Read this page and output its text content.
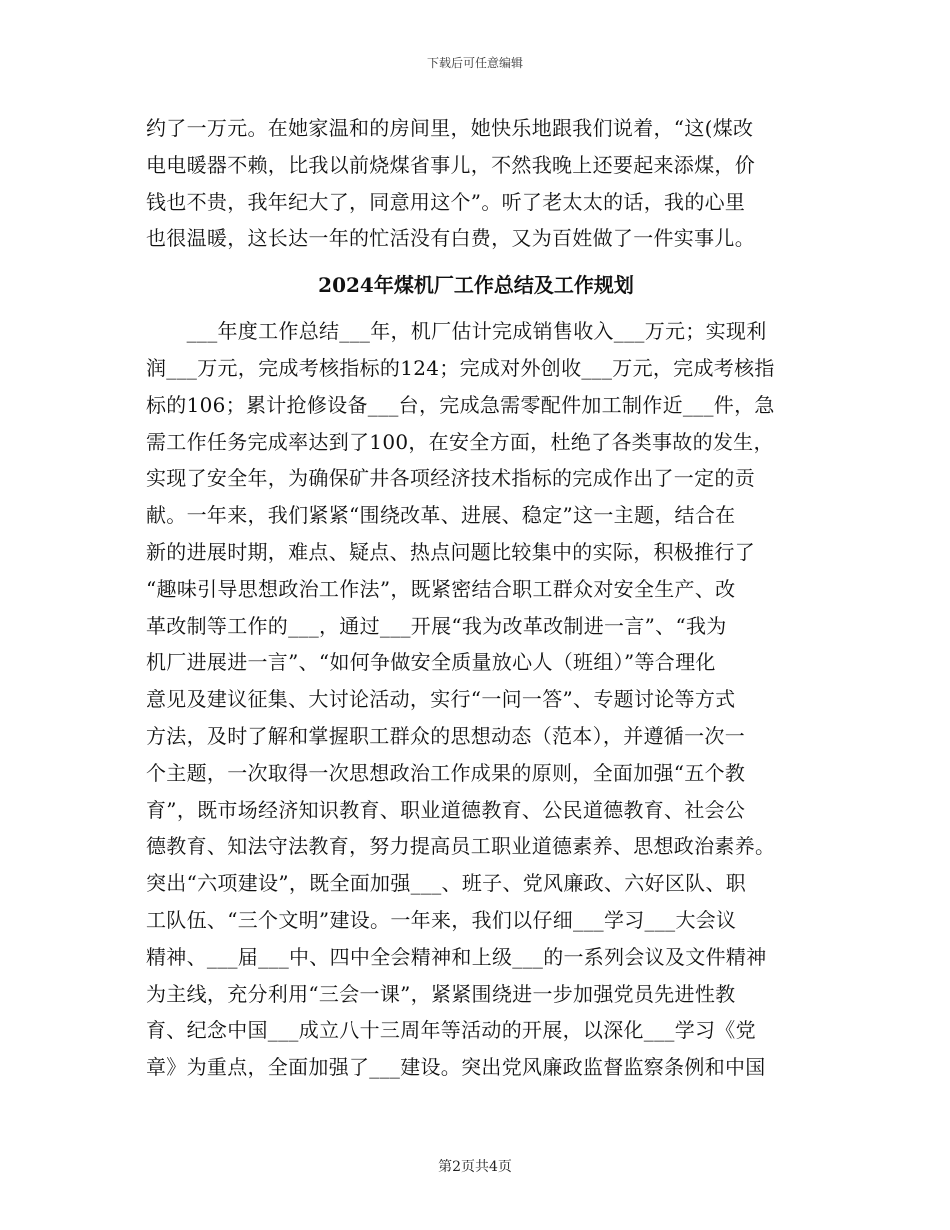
下载后可任意编辑
约了一万元。在她家温和的房间里，她快乐地跟我们说着，“这(煤改
电电暖器不赖，比我以前烧煤省事儿，不然我晚上还要起来添煤，价
钱也不贵，我年纪大了，同意用这个”。听了老太太的话，我的心里
也很温暖，这长达一年的忙活没有白费，又为百姓做了一件实事儿。
2024年煤机厂工作总结及工作规划
　　___年度工作总结___年，机厂估计完成销售收入___万元；实现利
润___万元，完成考核指标的124；完成对外创收___万元，完成考核指
标的106；累计抢修设备___台，完成急需零配件加工制作近___件，急
需工作任务完成率达到了100，在安全方面，杜绝了各类事故的发生，
实现了安全年，为确保矿井各项经济技术指标的完成作出了一定的贡
献。一年来，我们紧紧“围绕改革、进展、稳定”这一主题，结合在
新的进展时期，难点、疑点、热点问题比较集中的实际，积极推行了
“趣味引导思想政治工作法”，既紧密结合职工群众对安全生产、改
革改制等工作的___，通过___开展“我为改革改制进一言”、“我为
机厂进展进一言”、“如何争做安全质量放心人（班组）”等合理化
意见及建议征集、大讨论活动，实行“一问一答”、专题讨论等方式
方法，及时了解和掌握职工群众的思想动态（范本），并遵循一次一
个主题，一次取得一次思想政治工作成果的原则，全面加强“五个教
育”，既市场经济知识教育、职业道德教育、公民道德教育、社会公
德教育、知法守法教育，努力提高员工职业道德素养、思想政治素养。
突出“六项建设”，既全面加强___、班子、党风廉政、六好区队、职
工队伍、“三个文明”建设。一年来，我们以仔细___学习___大会议
精神、___届___中、四中全会精神和上级___的一系列会议及文件精神
为主线，充分利用“三会一课”，紧紧围绕进一步加强党员先进性教
育、纪念中国___成立八十三周年等活动的开展，以深化___学习《党
章》为重点，全面加强了___建设。突出党风廉政监督监察条例和中国
第2页共4页
